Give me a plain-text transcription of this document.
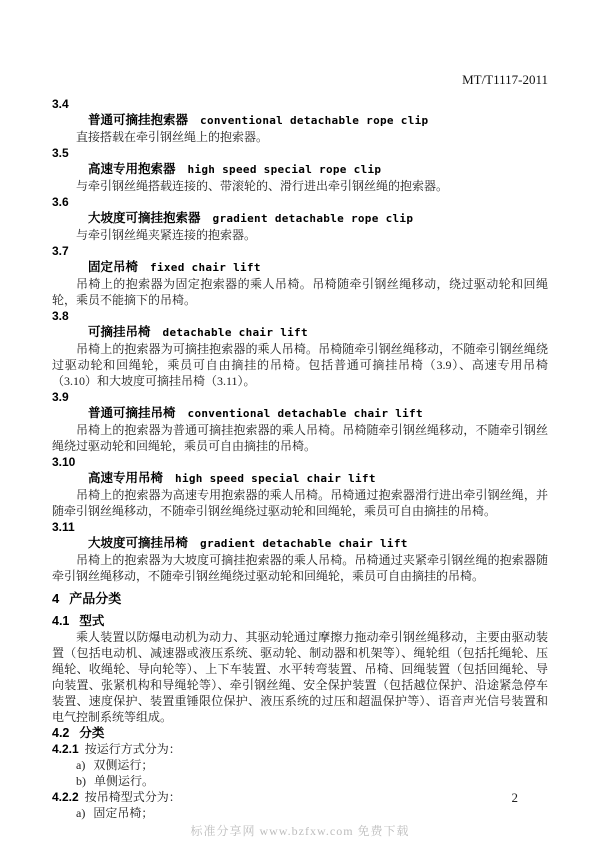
MT/T1117-2011
3.4
普通可摘挂抱索器 conventional detachable rope clip

直接搭载在牵引钢丝绳上的抱索器。

3.5
高速专用抱索器 high speed special rope clip

与牵引钢丝绳搭载连接的、带滚轮的、滑行进出牵引钢丝绳的抱索器。

3.6
大坡度可摘挂抱索器 gradient detachable rope clip

与牵引钢丝绳夹紧连接的抱索器。

3.7
固定吊椅 fixed chair lift

吊椅上的抱索器为固定抱索器的乘人吊椅。吊椅随牵引钢丝绳移动，绕过驱动轮和回绳轮，乘员不能摘下的吊椅。

3.8
可摘挂吊椅 detachable chair lift

吊椅上的抱索器为可摘挂抱索器的乘人吊椅。吊椅随牵引钢丝绳移动，不随牵引钢丝绳绕过驱动轮和回绳轮，乘员可自由摘挂的吊椅。包括普通可摘挂吊椅（3.9）、高速专用吊椅（3.10）和大坡度可摘挂吊椅（3.11）。

3.9
普通可摘挂吊椅 conventional detachable chair lift

吊椅上的抱索器为普通可摘挂抱索器的乘人吊椅。吊椅随牵引钢丝绳移动，不随牵引钢丝绳绕过驱动轮和回绳轮，乘员可自由摘挂的吊椅。

3.10
高速专用吊椅 high speed special chair lift

吊椅上的抱索器为高速专用抱索器的乘人吊椅。吊椅通过抱索器滑行进出牵引钢丝绳，并随牵引钢丝绳移动，不随牵引钢丝绳绕过驱动轮和回绳轮，乘员可自由摘挂的吊椅。

3.11
大坡度可摘挂吊椅 gradient detachable chair lift

吊椅上的抱索器为大坡度可摘挂抱索器的乘人吊椅。吊椅通过夹紧牵引钢丝绳的抱索器随牵引钢丝绳移动，不随牵引钢丝绳绕过驱动轮和回绳轮，乘员可自由摘挂的吊椅。

4 产品分类
4.1 型式

乘人装置以防爆电动机为动力、其驱动轮通过摩擦力拖动牵引钢丝绳移动，主要由驱动装置（包括电动机、减速器或液压系统、驱动轮、制动器和机架等）、绳轮组（包括托绳轮、压绳轮、收绳轮、导向轮等）、上下车装置、水平转弯装置、吊椅、回绳装置（包括回绳轮、导向装置、张紧机构和导绳轮等）、牵引钢丝绳、安全保护装置（包括越位保护、沿途紧急停车装置、速度保护、装置重锤限位保护、液压系统的过压和超温保护等）、语音声光信号装置和电气控制系统等组成。

4.2 分类
4.2.1 按运行方式分为：
a) 双侧运行；
b) 单侧运行。
4.2.2 按吊椅型式分为：
a) 固定吊椅；
2
标准分享网 www.bzfxw.com 免费下载
